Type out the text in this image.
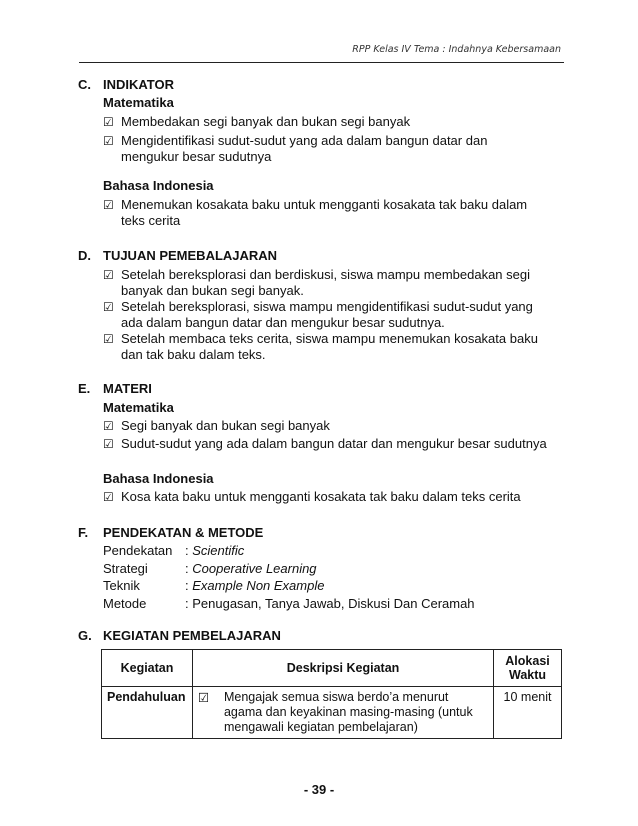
RPP Kelas IV Tema : Indahnya Kebersamaan
C. INDIKATOR
Matematika
☑ Membedakan segi banyak dan bukan segi banyak
☑ Mengidentifikasi sudut-sudut yang ada dalam bangun datar dan mengukur besar sudutnya
Bahasa Indonesia
☑ Menemukan kosakata baku untuk mengganti kosakata tak baku dalam teks cerita
D. TUJUAN PEMEBALAJARAN
☑ Setelah bereksplorasi dan berdiskusi, siswa mampu membedakan segi banyak dan bukan segi banyak.
☑ Setelah bereksplorasi, siswa mampu mengidentifikasi sudut-sudut yang ada dalam bangun datar dan mengukur besar sudutnya.
☑ Setelah membaca teks cerita, siswa mampu menemukan kosakata baku dan tak baku dalam teks.
E. MATERI
Matematika
☑ Segi banyak dan bukan segi banyak
☑ Sudut-sudut yang ada dalam bangun datar dan mengukur besar sudutnya
Bahasa Indonesia
☑ Kosa kata baku untuk mengganti kosakata tak baku dalam teks cerita
F. PENDEKATAN & METODE
Pendekatan : Scientific
Strategi	: Cooperative Learning
Teknik	: Example Non Example
Metode	: Penugasan, Tanya Jawab, Diskusi Dan Ceramah
G. KEGIATAN PEMBELAJARAN
Kegiatan	Deskripsi Kegiatan	Alokasi Waktu
Pendahuluan	☑ Mengajak semua siswa berdo’a menurut agama dan keyakinan masing-masing (untuk mengawali kegiatan pembelajaran)	10 menit
- 39 -
